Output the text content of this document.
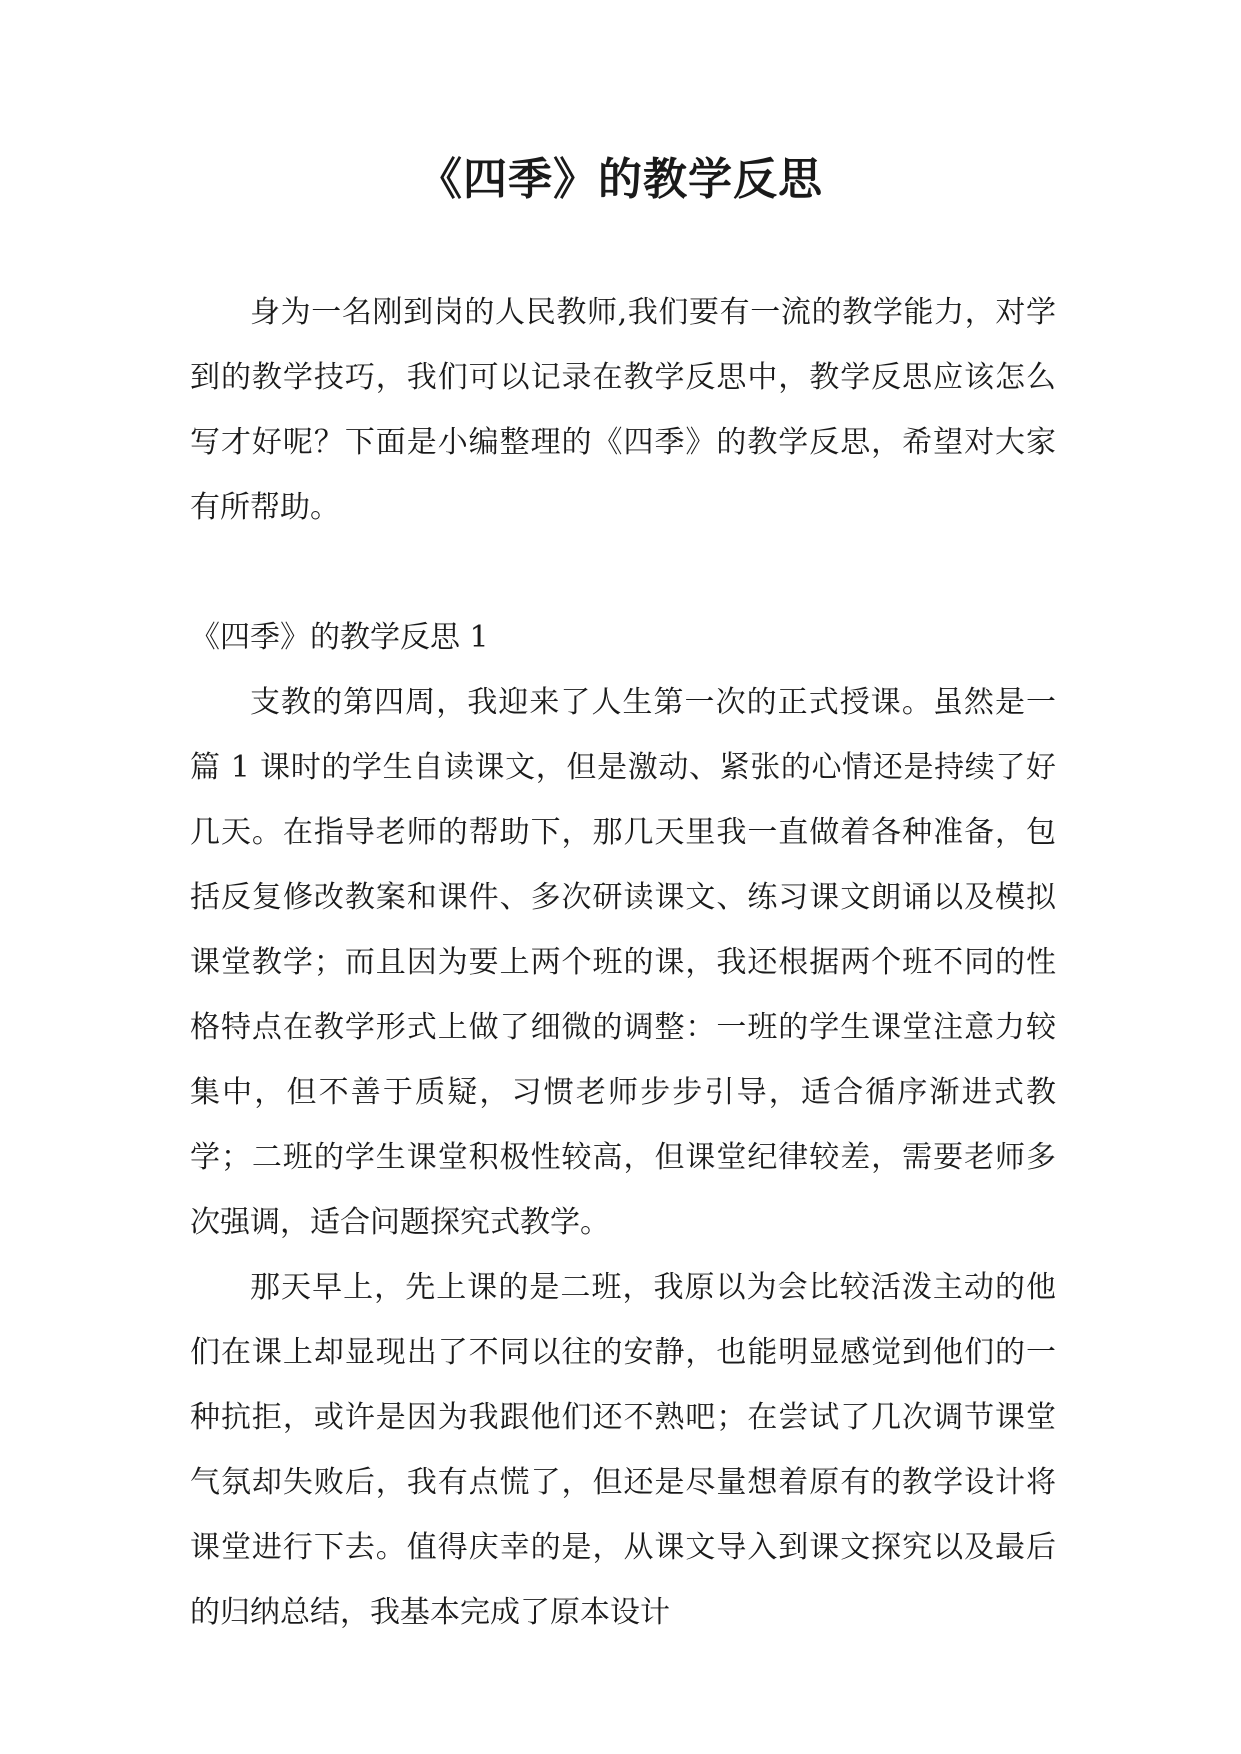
《四季》的教学反思

身为一名刚到岗的人民教师,我们要有一流的教学能力，对学到的教学技巧，我们可以记录在教学反思中，教学反思应该怎么写才好呢？下面是小编整理的《四季》的教学反思，希望对大家有所帮助。

《四季》的教学反思 1

支教的第四周，我迎来了人生第一次的正式授课。虽然是一篇 1 课时的学生自读课文，但是激动、紧张的心情还是持续了好几天。在指导老师的帮助下，那几天里我一直做着各种准备，包括反复修改教案和课件、多次研读课文、练习课文朗诵以及模拟课堂教学；而且因为要上两个班的课，我还根据两个班不同的性格特点在教学形式上做了细微的调整：一班的学生课堂注意力较集中，但不善于质疑，习惯老师步步引导，适合循序渐进式教学；二班的学生课堂积极性较高，但课堂纪律较差，需要老师多次强调，适合问题探究式教学。

那天早上，先上课的是二班，我原以为会比较活泼主动的他们在课上却显现出了不同以往的安静，也能明显感觉到他们的一种抗拒，或许是因为我跟他们还不熟吧；在尝试了几次调节课堂气氛却失败后，我有点慌了，但还是尽量想着原有的教学设计将课堂进行下去。值得庆幸的是，从课文导入到课文探究以及最后的归纳总结，我基本完成了原本设计
